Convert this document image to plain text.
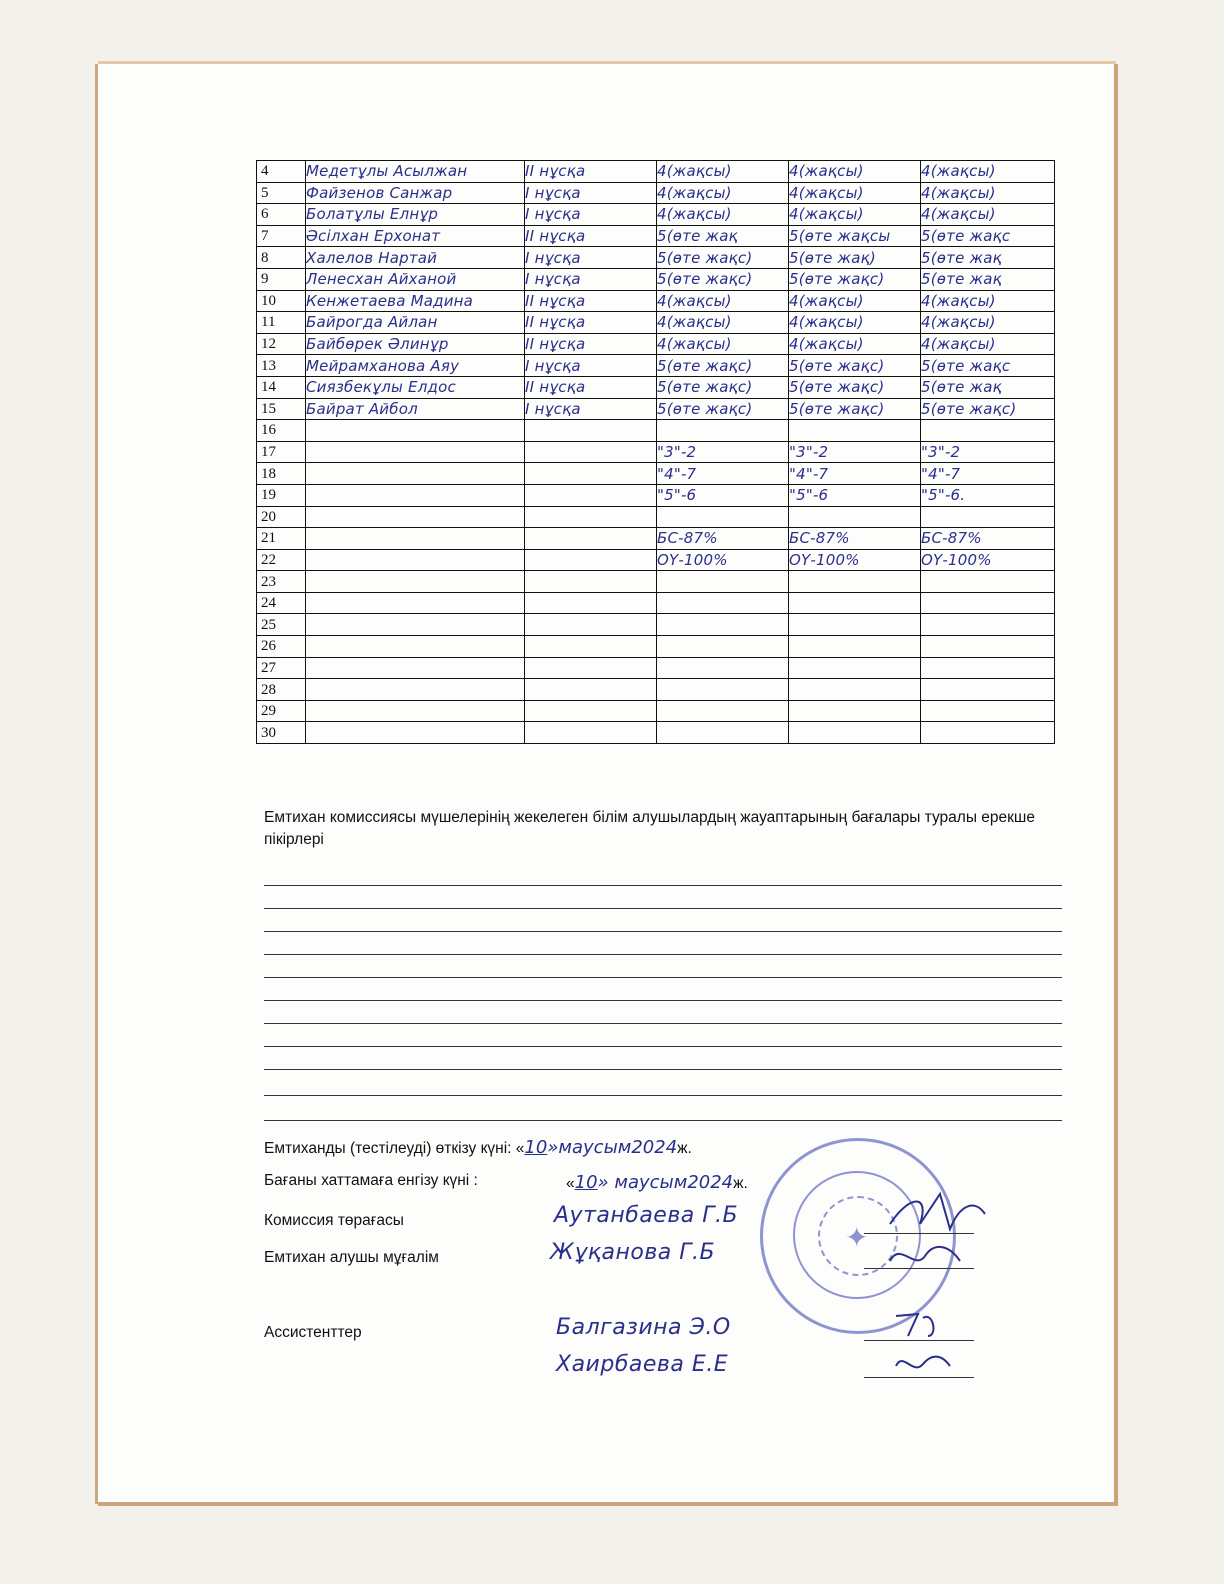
4	Медетұлы Асылжан	II нұсқа	4(жақсы)	4(жақсы)	4(жақсы)
5	Файзенов Санжар	I нұсқа	4(жақсы)	4(жақсы)	4(жақсы)
6	Болатұлы Елнұр	I нұсқа	4(жақсы)	4(жақсы)	4(жақсы)
7	Әсілхан Ерхонат	II нұсқа	5(өте жақ	5(өте жақсы	5(өте жақс
8	Халелов Нартай	I нұсқа	5(өте жақс)	5(өте жақ)	5(өте жақ
9	Ленесхан Айханой	I нұсқа	5(өте жақс)	5(өте жақс)	5(өте жақ
10	Кенжетаева Мадина	II нұсқа	4(жақсы)	4(жақсы)	4(жақсы)
11	Байрогда Айлан	II нұсқа	4(жақсы)	4(жақсы)	4(жақсы)
12	Байбөрек Әлинұр	II нұсқа	4(жақсы)	4(жақсы)	4(жақсы)
13	Мейрамханова Аяу	I нұсқа	5(өте жақс)	5(өте жақс)	5(өте жақс
14	Сиязбекұлы Елдос	II нұсқа	5(өте жақс)	5(өте жақс)	5(өте жақ
15	Байрат Айбол	I нұсқа	5(өте жақс)	5(өте жақс)	5(өте жақс)
16					
17			"3"-2	"3"-2	"3"-2
18			"4"-7	"4"-7	"4"-7
19			"5"-6	"5"-6	"5"-6.
20					
21			БС-87%	БС-87%	БС-87%
22			ОҮ-100%	ОҮ-100%	ОҮ-100%
23					
24					
25					
26					
27					
28					
29					
30					
Емтихан комиссиясы мүшелерінің жекелеген білім алушылардың жауаптарының бағалары туралы ерекше пікірлері
Емтиханды (тестілеуді) өткізу күні: «10»маусым2024ж.
Бағаны хаттамаға енгізу күні :	«10» маусым2024ж.
✦
Комиссия төрағасы	Аутанбаева Г.Б
Емтихан алушы мұғалім	Жұқанова Г.Б
Ассистенттер	Балгазина Э.О
Хаирбаева Е.Е
